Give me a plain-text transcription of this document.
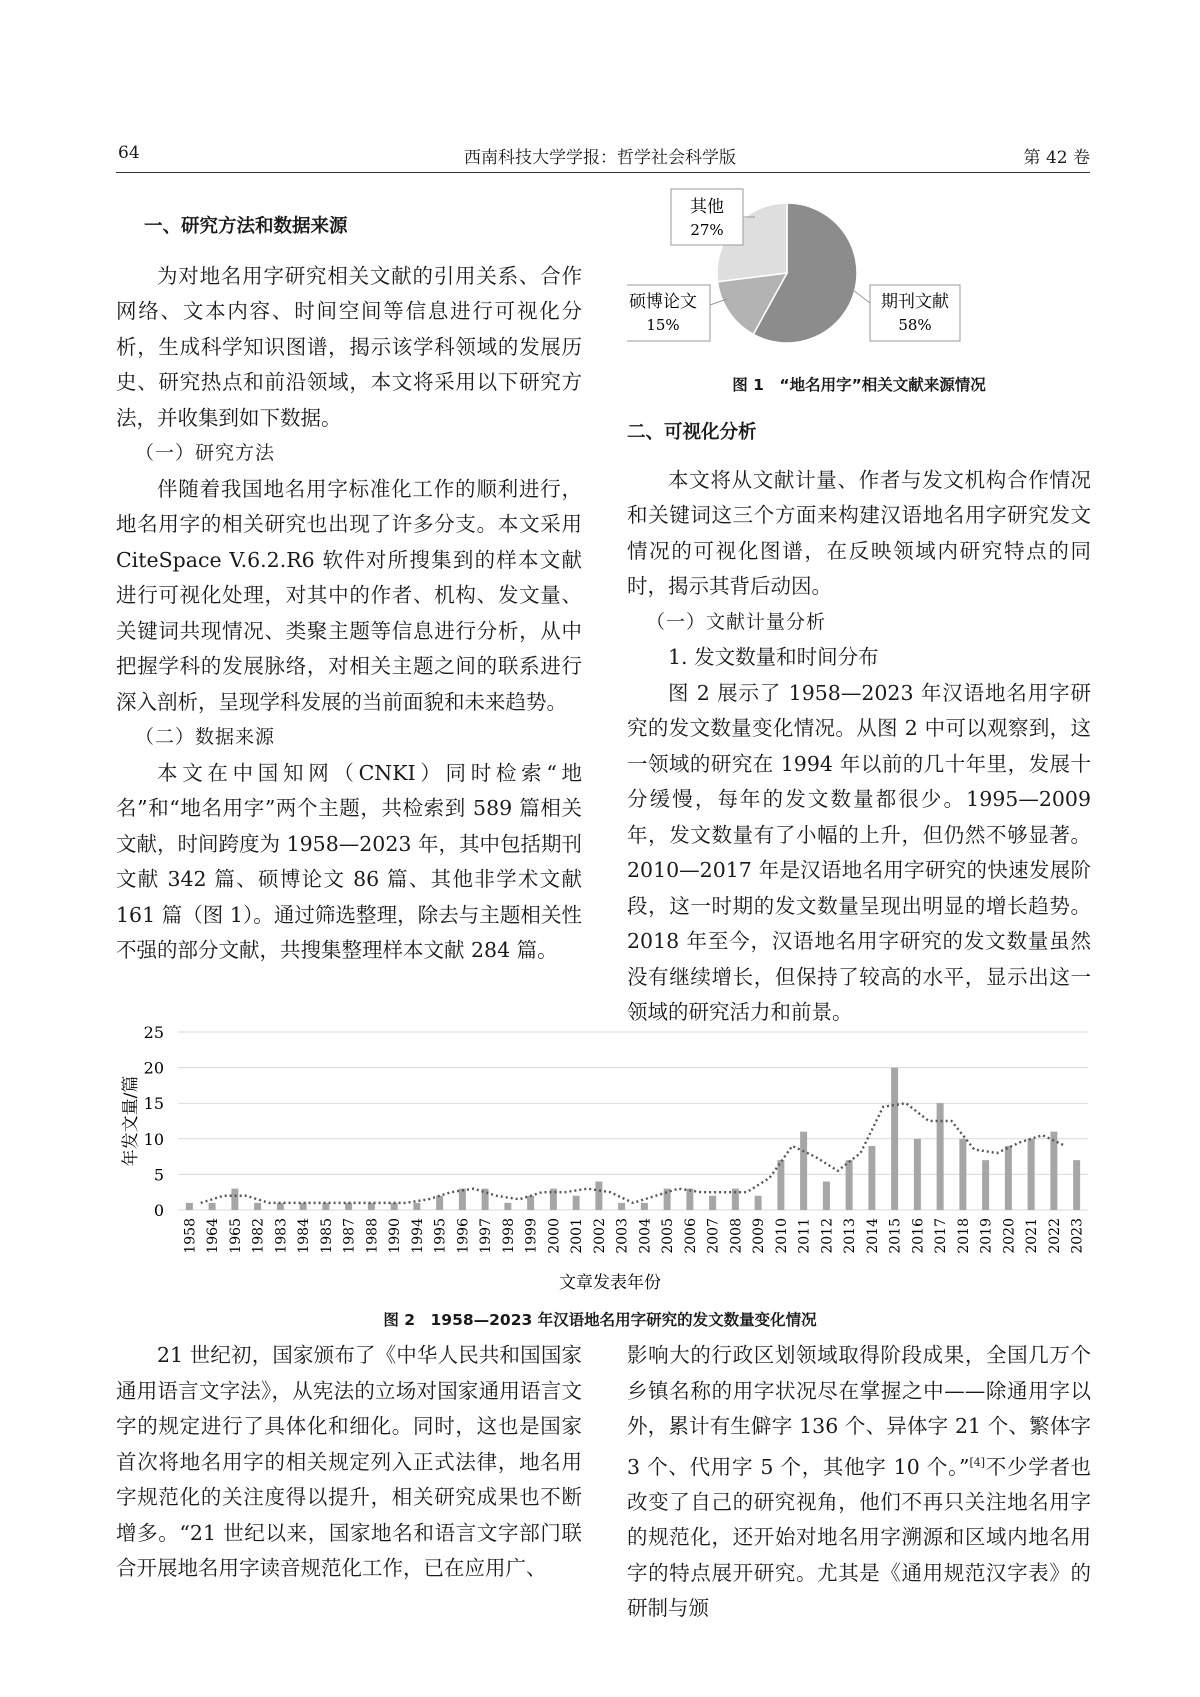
64	西南科技大学学报：哲学社会科学版	第 42 卷

一、研究方法和数据来源

为对地名用字研究相关文献的引用关系、合作网络、文本内容、时间空间等信息进行可视化分析，生成科学知识图谱，揭示该学科领域的发展历史、研究热点和前沿领域，本文将采用以下研究方法，并收集到如下数据。

（一）研究方法

伴随着我国地名用字标准化工作的顺利进行，地名用字的相关研究也出现了许多分支。本文采用 CiteSpace V.6.2.R6 软件对所搜集到的样本文献进行可视化处理，对其中的作者、机构、发文量、关键词共现情况、类聚主题等信息进行分析，从中把握学科的发展脉络，对相关主题之间的联系进行深入剖析，呈现学科发展的当前面貌和未来趋势。

（二）数据来源

本文在中国知网（CNKI）同时检索“地名”和“地名用字”两个主题，共检索到 589 篇相关文献，时间跨度为 1958—2023 年，其中包括期刊文献 342 篇、硕博论文 86 篇、其他非学术文献 161 篇（图 1）。通过筛选整理，除去与主题相关性不强的部分文献，共搜集整理样本文献 284 篇。

其他
27%
硕博论文
15%
期刊文献
58%
图 1　“地名用字”相关文献来源情况

二、可视化分析

本文将从文献计量、作者与发文机构合作情况和关键词这三个方面来构建汉语地名用字研究发文情况的可视化图谱，在反映领域内研究特点的同时，揭示其背后动因。

（一）文献计量分析

1. 发文数量和时间分布

图 2 展示了 1958—2023 年汉语地名用字研究的发文数量变化情况。从图 2 中可以观察到，这一领域的研究在 1994 年以前的几十年里，发展十分缓慢，每年的发文数量都很少。1995—2009 年，发文数量有了小幅的上升，但仍然不够显著。2010—2017 年是汉语地名用字研究的快速发展阶段，这一时期的发文数量呈现出明显的增长趋势。2018 年至今，汉语地名用字研究的发文数量虽然没有继续增长，但保持了较高的水平，显示出这一领域的研究活力和前景。

0
5
10
15
20
25
1958 1964 1965 1982 1983 1984 1985 1987 1988 1990 1994 1995 1996 1997 1998 1999 2000 2001 2002 2003 2004 2005 2006 2007 2008 2009 2010 2011 2012 2013 2014 2015 2016 2017 2018 2019 2020 2021 2022 2023
年发文量/篇
文章发表年份
图 2　1958—2023 年汉语地名用字研究的发文数量变化情况

21 世纪初，国家颁布了《中华人民共和国国家通用语言文字法》，从宪法的立场对国家通用语言文字的规定进行了具体化和细化。同时，这也是国家首次将地名用字的相关规定列入正式法律，地名用字规范化的关注度得以提升，相关研究成果也不断增多。“21 世纪以来，国家地名和语言文字部门联合开展地名用字读音规范化工作，已在应用广、

影响大的行政区划领域取得阶段成果，全国几万个乡镇名称的用字状况尽在掌握之中——除通用字以外，累计有生僻字 136 个、异体字 21 个、繁体字 3 个、代用字 5 个，其他字 10 个。”[4]不少学者也改变了自己的研究视角，他们不再只关注地名用字的规范化，还开始对地名用字溯源和区域内地名用字的特点展开研究。尤其是《通用规范汉字表》的研制与颁
